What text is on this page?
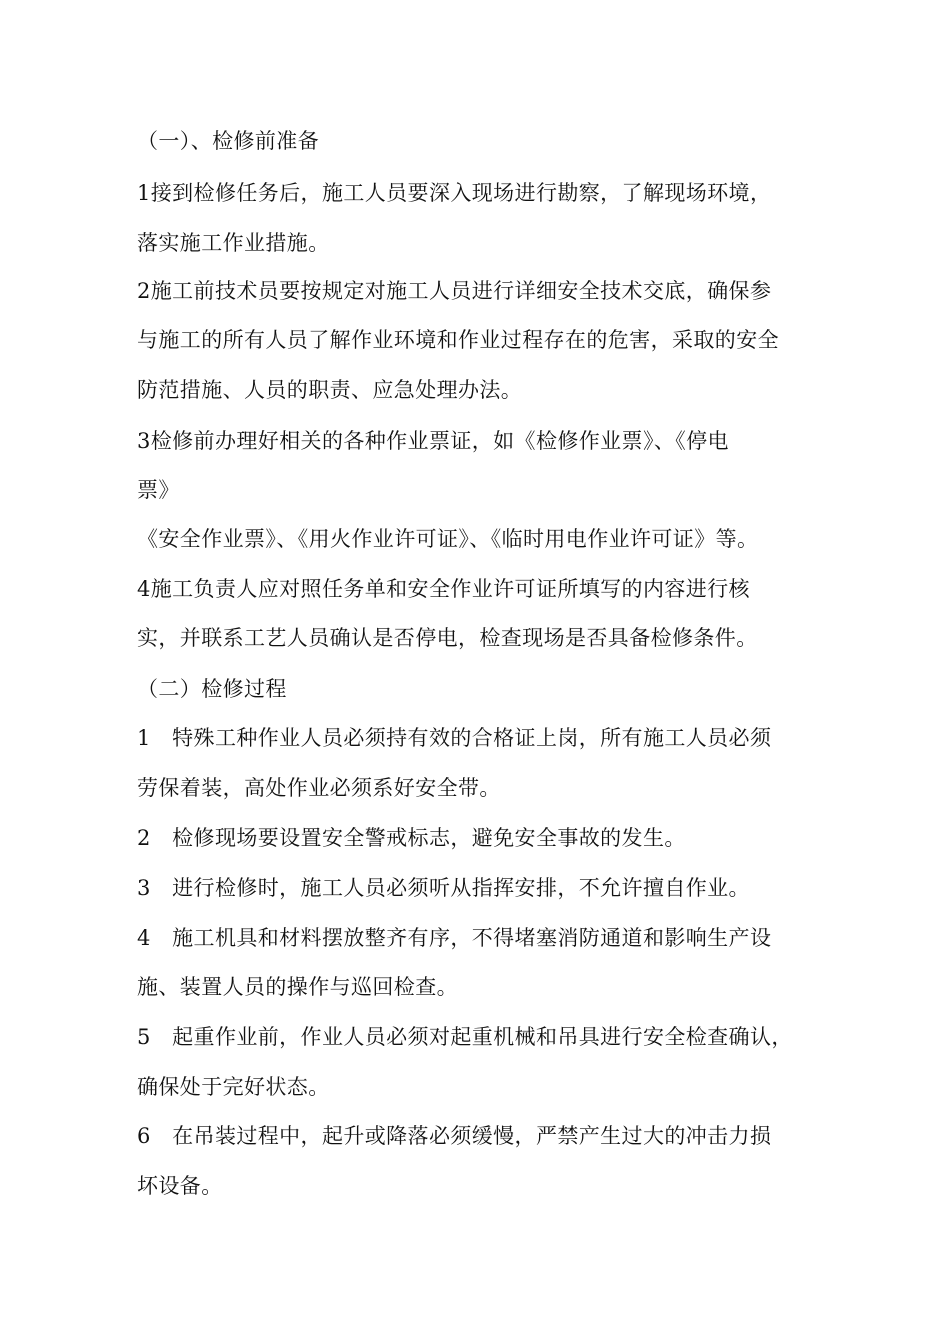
（一）、检修前准备
1接到检修任务后，施工人员要深入现场进行勘察，了解现场环境，
落实施工作业措施。
2施工前技术员要按规定对施工人员进行详细安全技术交底，确保参
与施工的所有人员了解作业环境和作业过程存在的危害，采取的安全
防范措施、人员的职责、应急处理办法。
3检修前办理好相关的各种作业票证，如《检修作业票》、《停电
票》
《安全作业票》、《用火作业许可证》、《临时用电作业许可证》等。
4施工负责人应对照任务单和安全作业许可证所填写的内容进行核
实，并联系工艺人员确认是否停电，检查现场是否具备检修条件。
（二）检修过程
1　特殊工种作业人员必须持有效的合格证上岗，所有施工人员必须
劳保着装，高处作业必须系好安全带。
2　检修现场要设置安全警戒标志，避免安全事故的发生。
3　进行检修时，施工人员必须听从指挥安排，不允许擅自作业。
4　施工机具和材料摆放整齐有序，不得堵塞消防通道和影响生产设
施、装置人员的操作与巡回检查。
5　起重作业前，作业人员必须对起重机械和吊具进行安全检查确认，
确保处于完好状态。
6　在吊装过程中，起升或降落必须缓慢，严禁产生过大的冲击力损
坏设备。
